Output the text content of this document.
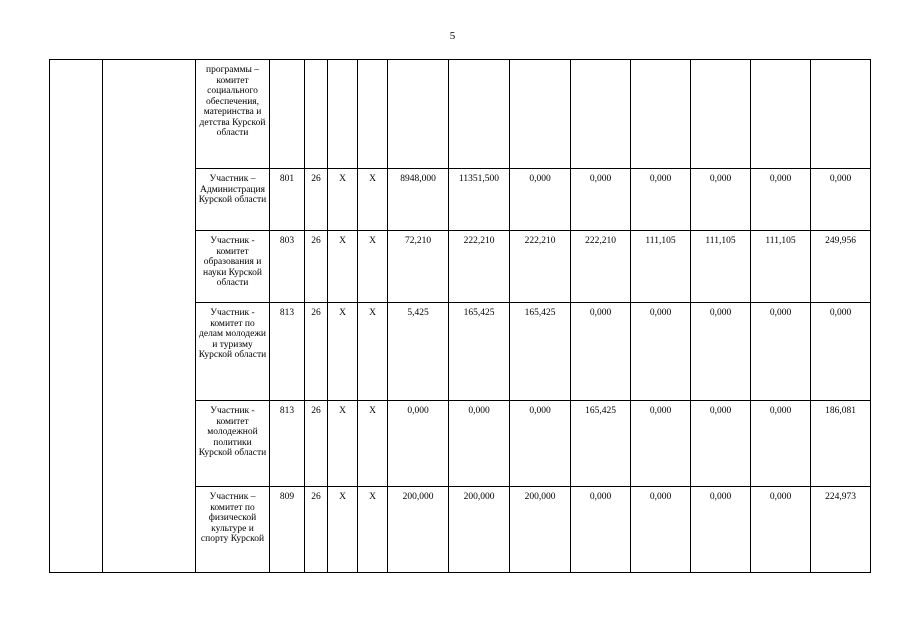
5
		программы – комитет социального обеспечения, материнства и детства Курской области												
		Участник – Администрация Курской области	801	26	X	X	8948,000	11351,500	0,000	0,000	0,000	0,000	0,000	0,000
		Участник - комитет образования и науки Курской области	803	26	X	X	72,210	222,210	222,210	222,210	111,105	111,105	111,105	249,956
		Участник - комитет по делам молодежи и туризму Курской области	813	26	X	X	5,425	165,425	165,425	0,000	0,000	0,000	0,000	0,000
		Участник - комитет молодежной политики Курской области	813	26	X	X	0,000	0,000	0,000	165,425	0,000	0,000	0,000	186,081
		Участник – комитет по физической культуре и спорту Курской	809	26	X	X	200,000	200,000	200,000	0,000	0,000	0,000	0,000	224,973
